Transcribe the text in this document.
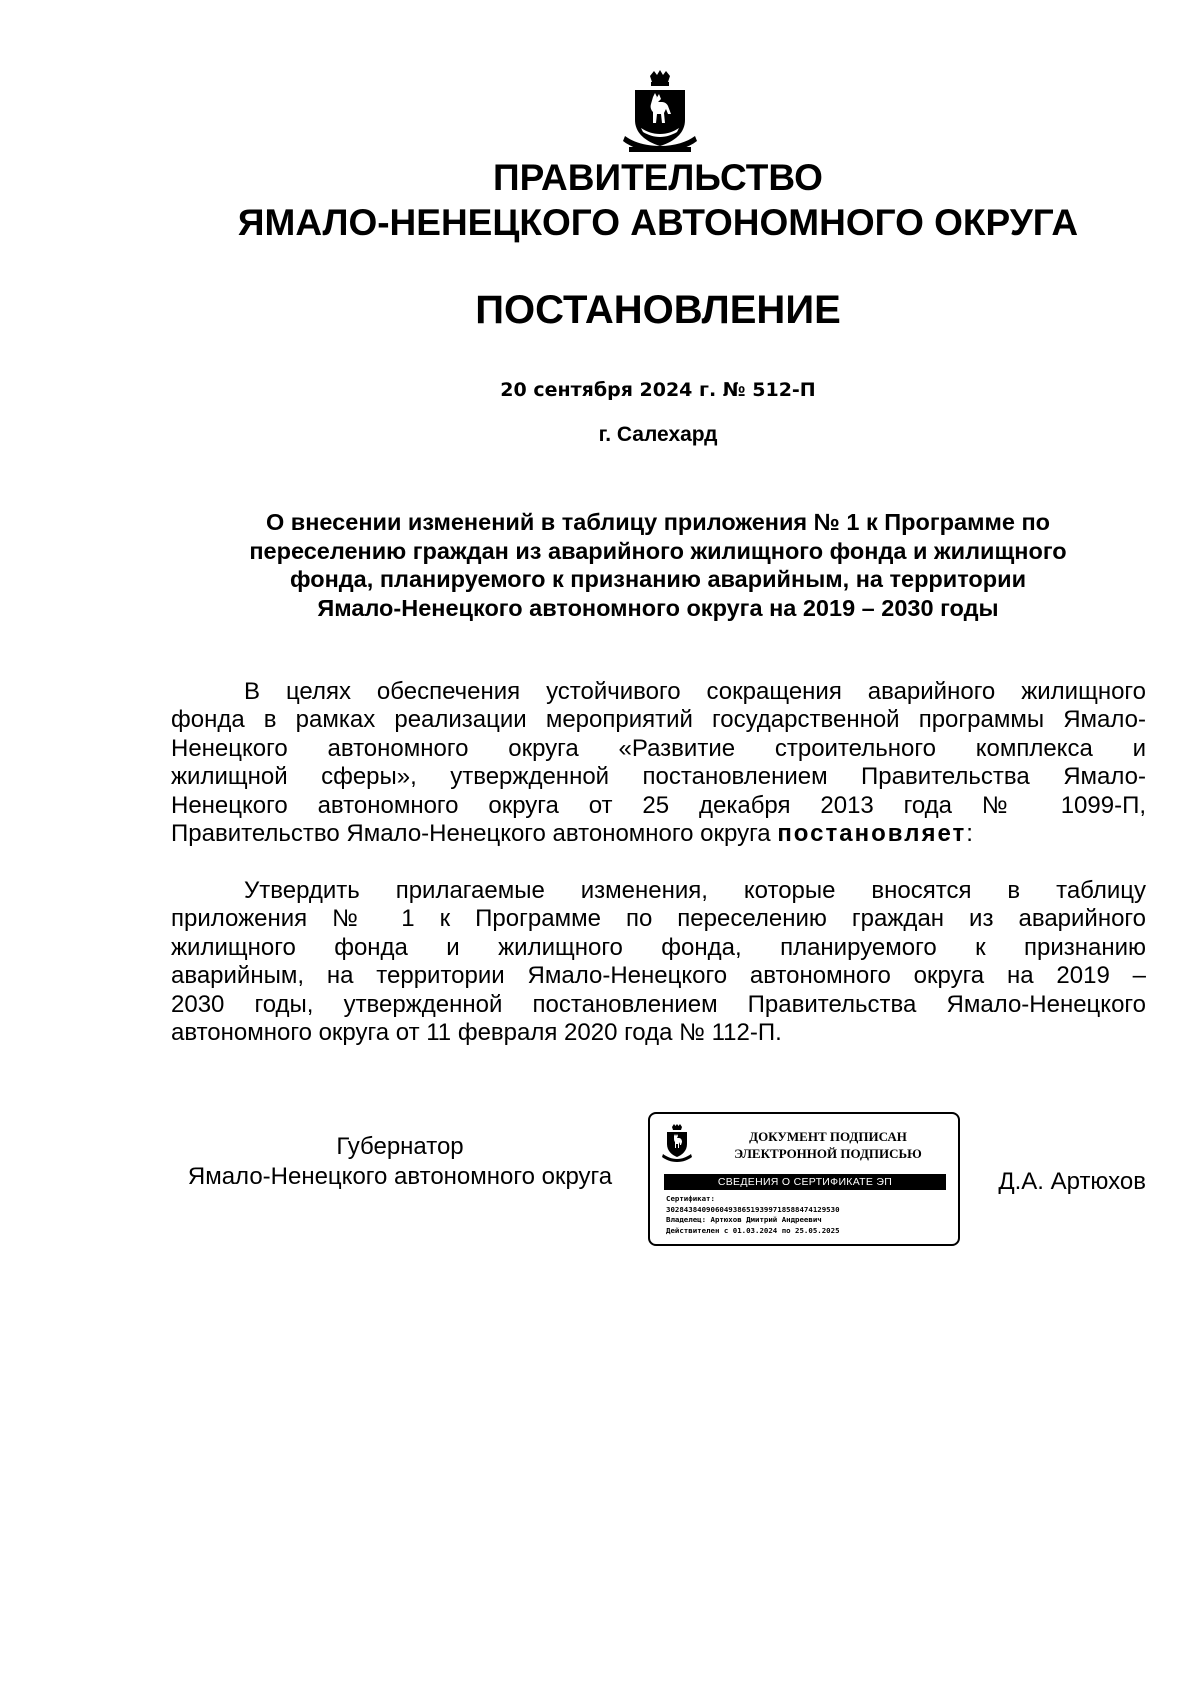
ПРАВИТЕЛЬСТВО
ЯМАЛО-НЕНЕЦКОГО АВТОНОМНОГО ОКРУГА
ПОСТАНОВЛЕНИЕ
20 сентября 2024 г. № 512-П
г. Салехард
О внесении изменений в таблицу приложения № 1 к Программе по
переселению граждан из аварийного жилищного фонда и жилищного
фонда, планируемого к признанию аварийным, на территории
Ямало-Ненецкого автономного округа на 2019 – 2030 годы
В целях обеспечения устойчивого сокращения аварийного жилищного
фонда в рамках реализации мероприятий государственной программы Ямало-
Ненецкого автономного округа «Развитие строительного комплекса и
жилищной сферы», утвержденной постановлением Правительства Ямало-
Ненецкого автономного округа от 25 декабря 2013 года № 1099-П,
Правительство Ямало-Ненецкого автономного округа постановляет:
Утвердить прилагаемые изменения, которые вносятся в таблицу
приложения № 1 к Программе по переселению граждан из аварийного
жилищного фонда и жилищного фонда, планируемого к признанию
аварийным, на территории Ямало-Ненецкого автономного округа на 2019 –
2030 годы, утвержденной постановлением Правительства Ямало-Ненецкого
автономного округа от 11 февраля 2020 года № 112-П.
Губернатор
Ямало-Ненецкого автономного округа
ДОКУМЕНТ ПОДПИСАН
ЭЛЕКТРОННОЙ ПОДПИСЬЮ
СВЕДЕНИЯ О СЕРТИФИКАТЕ ЭП
Сертификат:
302843840906049386519399718588474129530
Владелец: Артюхов Дмитрий Андреевич
Действителен с 01.03.2024 по 25.05.2025
Д.А. Артюхов
